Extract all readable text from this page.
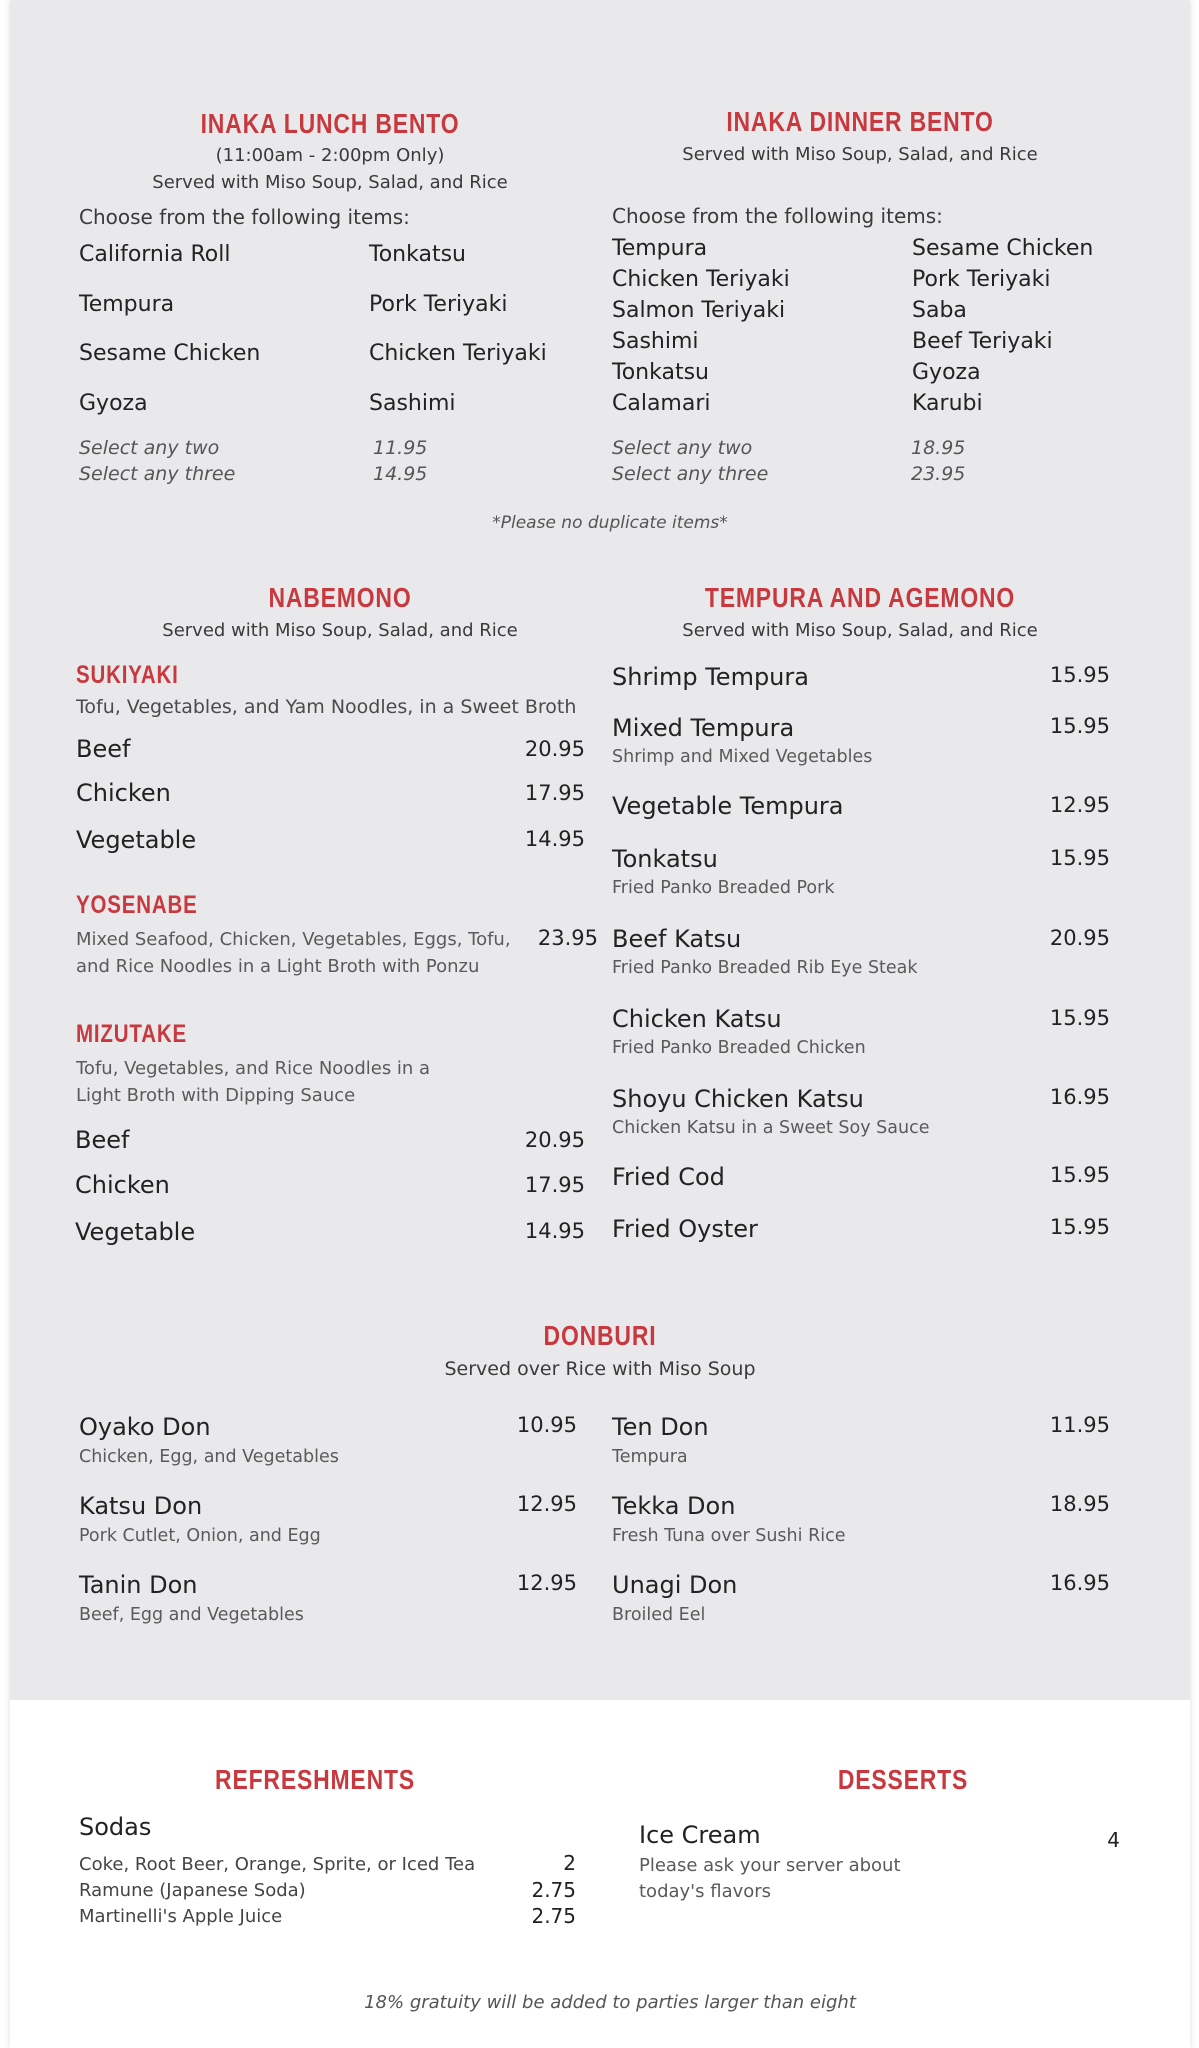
INAKA LUNCH BENTO
(11:00am - 2:00pm Only)
Served with Miso Soup, Salad, and Rice
Choose from the following items:
California Roll	Tonkatsu
Tempura	Pork Teriyaki
Sesame Chicken	Chicken Teriyaki
Gyoza	Sashimi
Select any two	11.95
Select any three	14.95
INAKA DINNER BENTO
Served with Miso Soup, Salad, and Rice
Choose from the following items:
Tempura	Sesame Chicken
Chicken Teriyaki	Pork Teriyaki
Salmon Teriyaki	Saba
Sashimi	Beef Teriyaki
Tonkatsu	Gyoza
Calamari	Karubi
Select any two	18.95
Select any three	23.95
*Please no duplicate items*
NABEMONO
Served with Miso Soup, Salad, and Rice
SUKIYAKI
Tofu, Vegetables, and Yam Noodles, in a Sweet Broth
Beef	20.95
Chicken	17.95
Vegetable	14.95
YOSENABE
Mixed Seafood, Chicken, Vegetables, Eggs, Tofu,
and Rice Noodles in a Light Broth with Ponzu
23.95
MIZUTAKE
Tofu, Vegetables, and Rice Noodles in a
Light Broth with Dipping Sauce
Beef	20.95
Chicken	17.95
Vegetable	14.95
TEMPURA AND AGEMONO
Served with Miso Soup, Salad, and Rice
Shrimp Tempura	15.95
Mixed Tempura
Shrimp and Mixed Vegetables
15.95
Vegetable Tempura	12.95
Tonkatsu
Fried Panko Breaded Pork
15.95
Beef Katsu
Fried Panko Breaded Rib Eye Steak
20.95
Chicken Katsu
Fried Panko Breaded Chicken
15.95
Shoyu Chicken Katsu
Chicken Katsu in a Sweet Soy Sauce
16.95
Fried Cod	15.95
Fried Oyster	15.95
DONBURI
Served over Rice with Miso Soup
Oyako Don
Chicken, Egg, and Vegetables
10.95
Katsu Don
Pork Cutlet, Onion, and Egg
12.95
Tanin Don
Beef, Egg and Vegetables
12.95
Ten Don
Tempura
11.95
Tekka Don
Fresh Tuna over Sushi Rice
18.95
Unagi Don
Broiled Eel
16.95
REFRESHMENTS
Sodas
Coke, Root Beer, Orange, Sprite, or Iced Tea	2
Ramune (Japanese Soda)	2.75
Martinelli's Apple Juice	2.75
DESSERTS
Ice Cream	4
Please ask your server about
today's flavors
18% gratuity will be added to parties larger than eight
